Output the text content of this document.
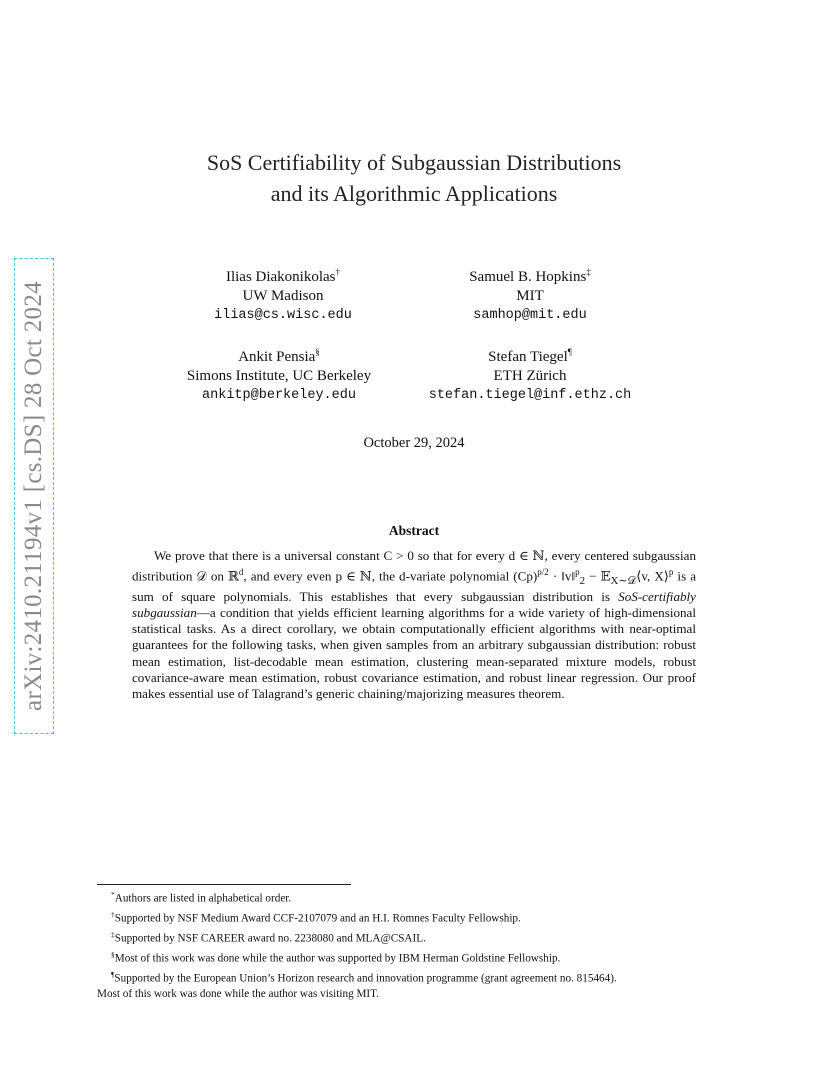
arXiv:2410.21194v1 [cs.DS] 28 Oct 2024
SoS Certifiability of Subgaussian Distributions
and its Algorithmic Applications
Ilias Diakonikolas†
UW Madison
ilias@cs.wisc.edu
Samuel B. Hopkins‡
MIT
samhop@mit.edu
Ankit Pensia§
Simons Institute, UC Berkeley
ankitp@berkeley.edu
Stefan Tiegel¶
ETH Zürich
stefan.tiegel@inf.ethz.ch
October 29, 2024
Abstract
We prove that there is a universal constant C > 0 so that for every d ∈ ℕ, every centered subgaussian distribution 𝒟 on ℝ$^d$, and every even p ∈ ℕ, the d-variate polynomial $(Cp)^{p/2}$ · ‖v‖$^p_2$ − 𝔼$_{X\sim 𝒟}$⟨v, X⟩$^p$ is a sum of square polynomials. This establishes that every subgaussian distribution is SoS-certifiably subgaussian—a condition that yields efficient learning algorithms for a wide variety of high-dimensional statistical tasks. As a direct corollary, we obtain computationally efficient algorithms with near-optimal guarantees for the following tasks, when given samples from an arbitrary subgaussian distribution: robust mean estimation, list-decodable mean estimation, clustering mean-separated mixture models, robust covariance-aware mean estimation, robust covariance estimation, and robust linear regression. Our proof makes essential use of Talagrand’s generic chaining/majorizing measures theorem.
*Authors are listed in alphabetical order.
†Supported by NSF Medium Award CCF-2107079 and an H.I. Romnes Faculty Fellowship.
‡Supported by NSF CAREER award no. 2238080 and MLA@CSAIL.
§Most of this work was done while the author was supported by IBM Herman Goldstine Fellowship.
¶Supported by the European Union’s Horizon research and innovation programme (grant agreement no. 815464).
Most of this work was done while the author was visiting MIT.
